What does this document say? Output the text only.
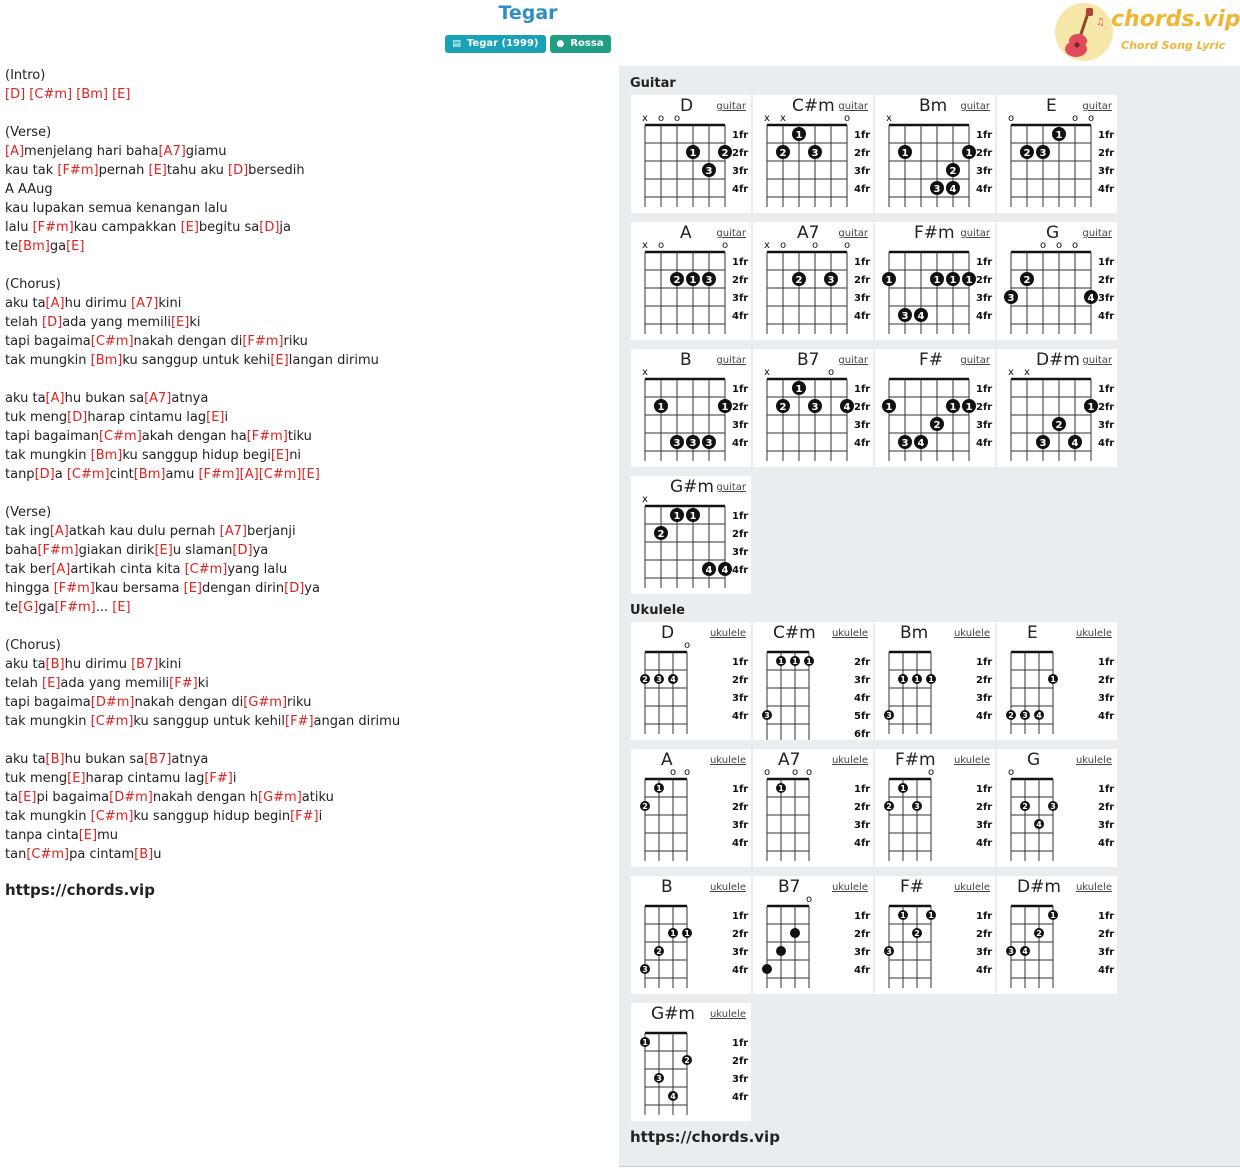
Tegar
▤ Tegar (1999) ● Rossa
♫ chords.vip
Chord Song Lyric
(Intro)
[D] [C#m] [Bm] [E]

(Verse)
[A]menjelang hari baha[A7]giamu
kau tak [F#m]pernah [E]tahu aku [D]bersedih
A AAug
kau lupakan semua kenangan lalu
lalu [F#m]kau campakkan [E]begitu sa[D]ja
te[Bm]ga[E]

(Chorus)
aku ta[A]hu dirimu [A7]kini
telah [D]ada yang memili[E]ki
tapi bagaima[C#m]nakah dengan di[F#m]riku
tak mungkin [Bm]ku sanggup untuk kehi[E]langan dirimu

aku ta[A]hu bukan sa[A7]atnya
tuk meng[D]harap cintamu lag[E]i
tapi bagaiman[C#m]akah dengan ha[F#m]tiku
tak mungkin [Bm]ku sanggup hidup begi[E]ni
tanp[D]a [C#m]cint[Bm]amu [F#m][A][C#m][E]

(Verse)
tak ing[A]atkah kau dulu pernah [A7]berjanji
baha[F#m]giakan dirik[E]u slaman[D]ya
tak ber[A]artikah cinta kita [C#m]yang lalu
hingga [F#m]kau bersama [E]dengan dirin[D]ya
te[G]ga[F#m]... [E]

(Chorus)
aku ta[B]hu dirimu [B7]kini
telah [E]ada yang memili[F#]ki
tapi bagaima[D#m]nakah dengan di[G#m]riku
tak mungkin [C#m]ku sanggup untuk kehil[F#]angan dirimu

aku ta[B]hu bukan sa[B7]atnya
tuk meng[E]harap cintamu lag[F#]i
ta[E]pi bagaima[D#m]nakah dengan h[G#m]atiku
tak mungkin [C#m]ku sanggup hidup begin[F#]i
tanpa cinta[E]mu
tan[C#m]pa cintam[B]u
https://chords.vip
Guitar
Ukulele
x o o
1fr
2fr
3fr
4fr
1
3
2
D guitar
x x	o
1fr
2fr
3fr
4fr
2
1
3
C#m guitar
x
1fr
2fr
3fr
4fr
1
3 4
2
1
Bm guitar
o	o o
1fr
2fr
3fr
4fr
2 3
1
E	guitar
x o	o
1fr
2fr
3fr
4fr
2 1 3
A guitar
x o	o	o
1fr
2fr
3fr
4fr
2	3
A7 guitar
1fr
2fr
3fr
4fr
1
3 4
1 1 1
F#m guitar
o o o
1fr
2fr
3fr
4fr
3
2
4
G guitar
x
1fr
2fr
3fr
4fr
1
3 3 3
1
B guitar
x	o
1fr
2fr
3fr
4fr
2
1
3	4
B7 guitar
1fr
2fr
3fr
4fr
1
3 4
2
1 1
F# guitar
x x
1fr
2fr
3fr
4fr
3
2
4
1
D#m guitar
x
1fr
2fr
3fr
4fr
2
1 1
4 4
G#m guitar
o
1fr
2fr
3fr
4fr
2 3 4
D	ukulele
2fr
3fr
4fr
5fr
6fr
3
1 1 1
C#m ukulele
1fr
2fr
3fr
4fr
3
1 1 1
Bm	ukulele
1fr
2fr
3fr
4fr
2 3 4
1
E	ukulele
o o
1fr
2fr
3fr
4fr
2
1
A	ukulele
o o o
1fr
2fr
3fr
4fr
1
A7	ukulele
o
1fr
2fr
3fr
4fr
2
1
3
F#m ukulele
o
1fr
2fr
3fr
4fr
2
4
3
G	ukulele
1fr
2fr
3fr
4fr
3
2
1 1
B	ukulele
o
1fr
2fr
3fr
4fr
B7	ukulele
1fr
2fr
3fr
4fr
3
1
2
1
F#	ukulele
1fr
2fr
3fr
4fr
3 4
2
1
D#m ukulele
1fr
2fr
3fr
4fr
1
3
4
2
G#m ukulele
https://chords.vip
